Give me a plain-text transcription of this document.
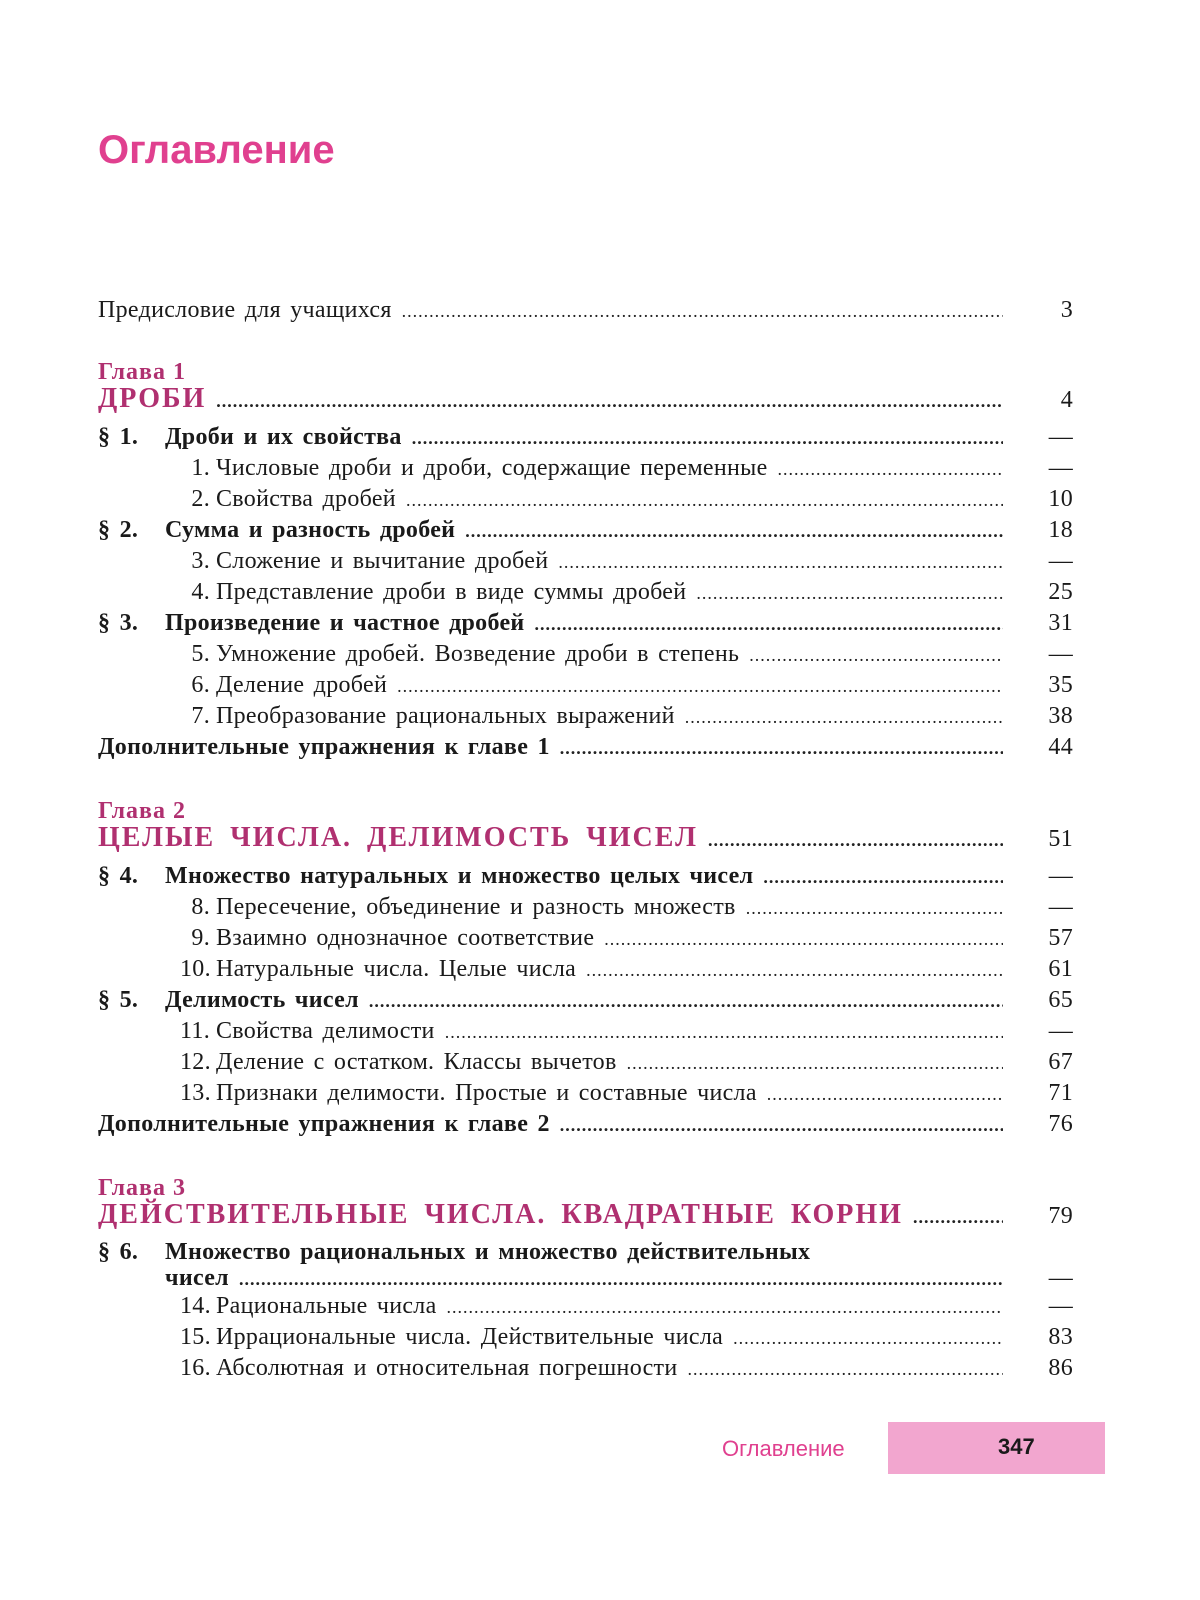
Оглавление
Предисловие для учащихся .....	3
Глава 1
ДРОБИ .....	4
§ 1. Дроби и их свойства .....	—
1. Числовые дроби и дроби, содержащие переменные .....	—
2. Свойства дробей .....	10
§ 2. Сумма и разность дробей .....	18
3. Сложение и вычитание дробей .....	—
4. Представление дроби в виде суммы дробей .....	25
§ 3. Произведение и частное дробей .....	31
5. Умножение дробей. Возведение дроби в степень .....	—
6. Деление дробей .....	35
7. Преобразование рациональных выражений .....	38
Дополнительные упражнения к главе 1 .....	44
Глава 2
ЦЕЛЫЕ ЧИСЛА. ДЕЛИМОСТЬ ЧИСЕЛ .....	51
§ 4. Множество натуральных и множество целых чисел .....	—
8. Пересечение, объединение и разность множеств .....	—
9. Взаимно однозначное соответствие .....	57
10. Натуральные числа. Целые числа .....	61
§ 5. Делимость чисел .....	65
11. Свойства делимости .....	—
12. Деление с остатком. Классы вычетов .....	67
13. Признаки делимости. Простые и составные числа .....	71
Дополнительные упражнения к главе 2 .....	76
Глава 3
ДЕЙСТВИТЕЛЬНЫЕ ЧИСЛА. КВАДРАТНЫЕ КОРНИ .....	79
§ 6. Множество рациональных и множество действительных
чисел .....	—
14. Рациональные числа .....	—
15. Иррациональные числа. Действительные числа .....	83
16. Абсолютная и относительная погрешности .....	86
Оглавление	347
